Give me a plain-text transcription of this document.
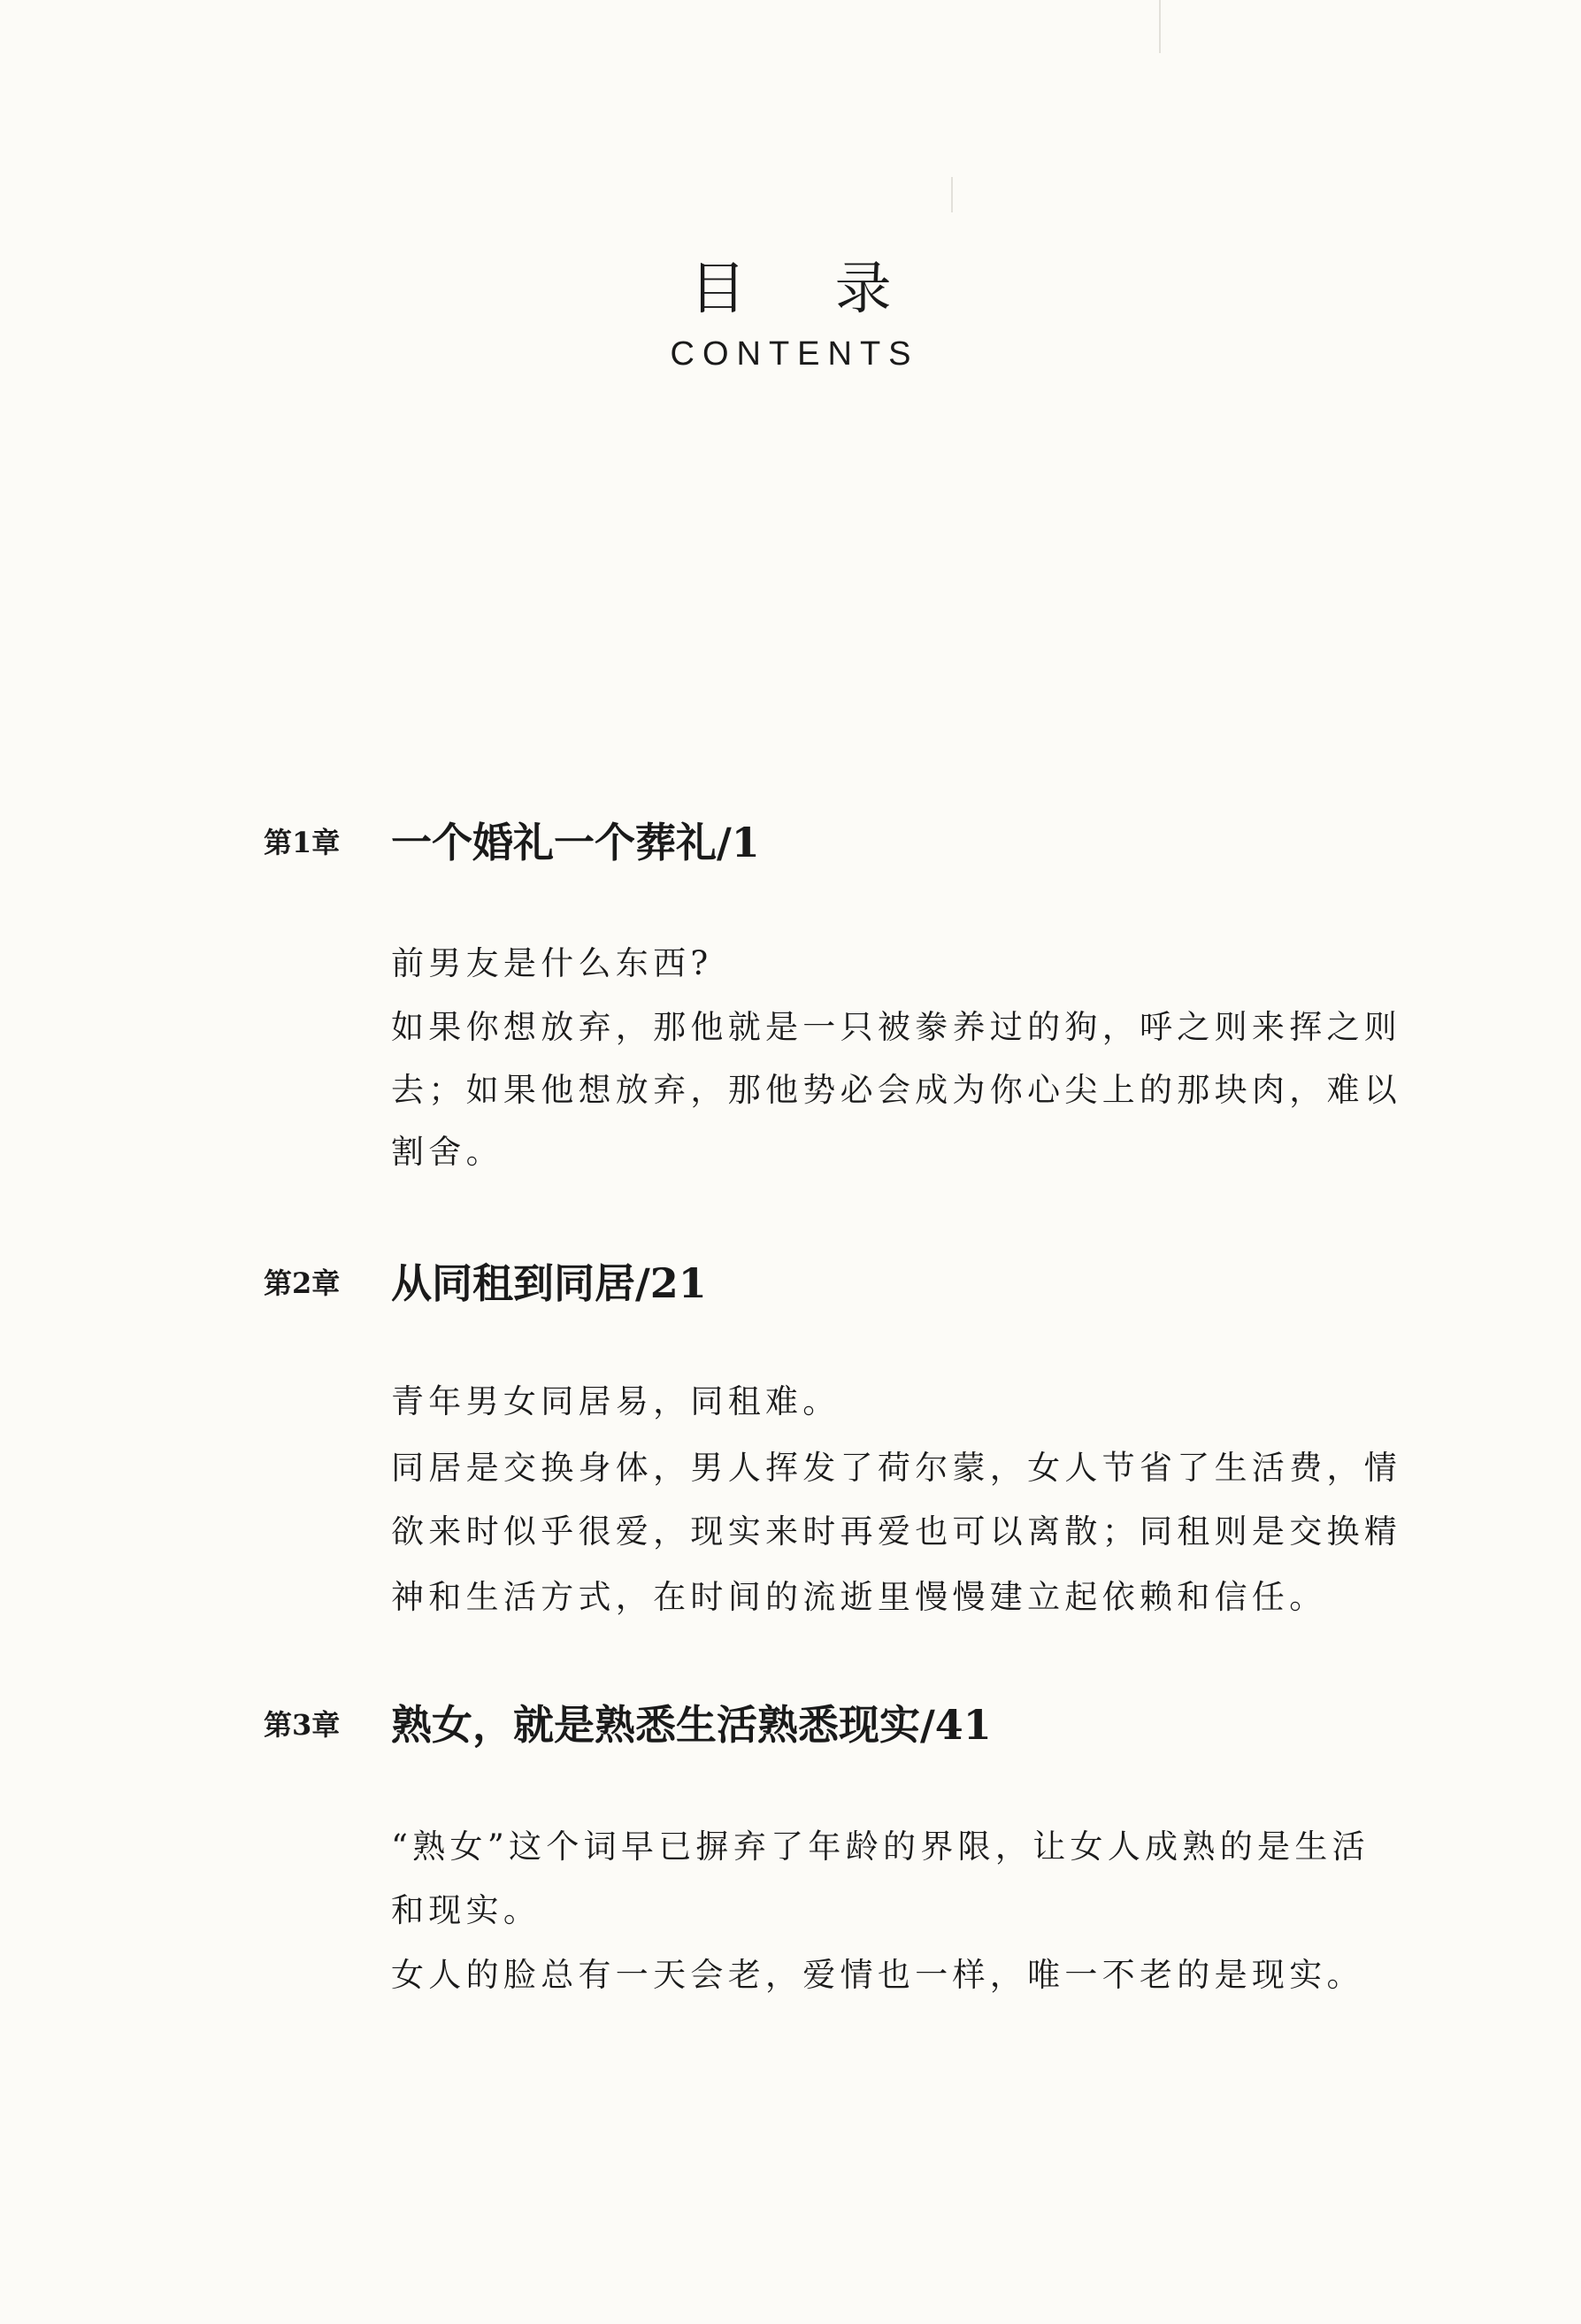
目 录
CONTENTS
第1章 一个婚礼一个葬礼/1
前男友是什么东西?
如果你想放弃，那他就是一只被豢养过的狗，呼之则来挥之则
去；如果他想放弃，那他势必会成为你心尖上的那块肉，难以
割舍。
第2章 从同租到同居/21
青年男女同居易，同租难。
同居是交换身体，男人挥发了荷尔蒙，女人节省了生活费，情
欲来时似乎很爱，现实来时再爱也可以离散；同租则是交换精
神和生活方式，在时间的流逝里慢慢建立起依赖和信任。
第3章 熟女，就是熟悉生活熟悉现实/41
“熟女”这个词早已摒弃了年龄的界限，让女人成熟的是生活
和现实。
女人的脸总有一天会老，爱情也一样，唯一不老的是现实。
